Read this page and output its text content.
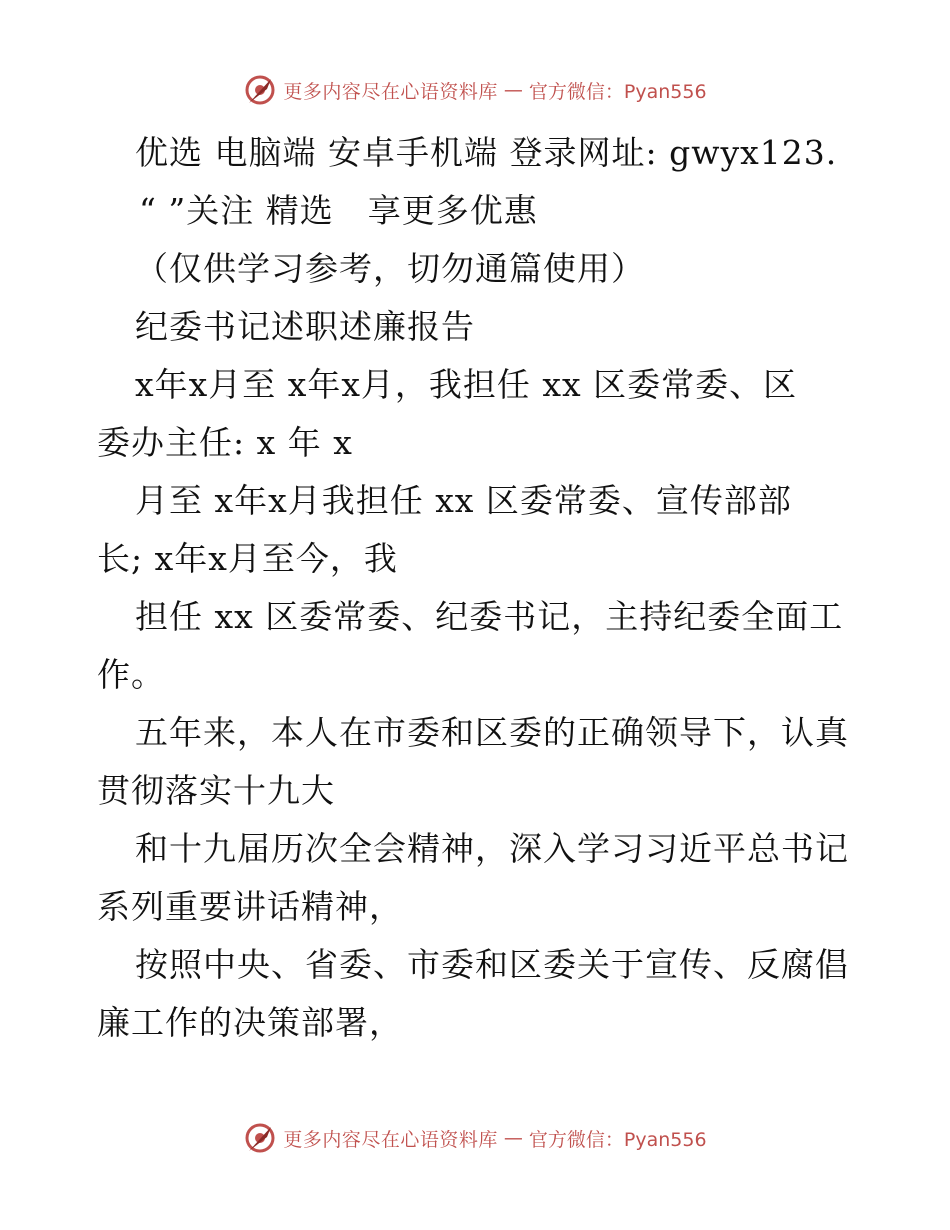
更多内容尽在心语资料库 — 官方微信：Pyan556
优选 电脑端 安卓手机端 登录网址: gwyx123.
“ ”关注 精选　享更多优惠
（仅供学习参考，切勿通篇使用）
纪委书记述职述廉报告
x年x月至 x年x月，我担任 xx 区委常委、区
委办主任: x 年 x
月至 x年x月我担任 xx 区委常委、宣传部部
长; x年x月至今，我
担任 xx 区委常委、纪委书记，主持纪委全面工
作。
五年来，本人在市委和区委的正确领导下，认真
贯彻落实十九大
和十九届历次全会精神，深入学习习近平总书记
系列重要讲话精神，
按照中央、省委、市委和区委关于宣传、反腐倡
廉工作的决策部署，
更多内容尽在心语资料库 — 官方微信：Pyan556
